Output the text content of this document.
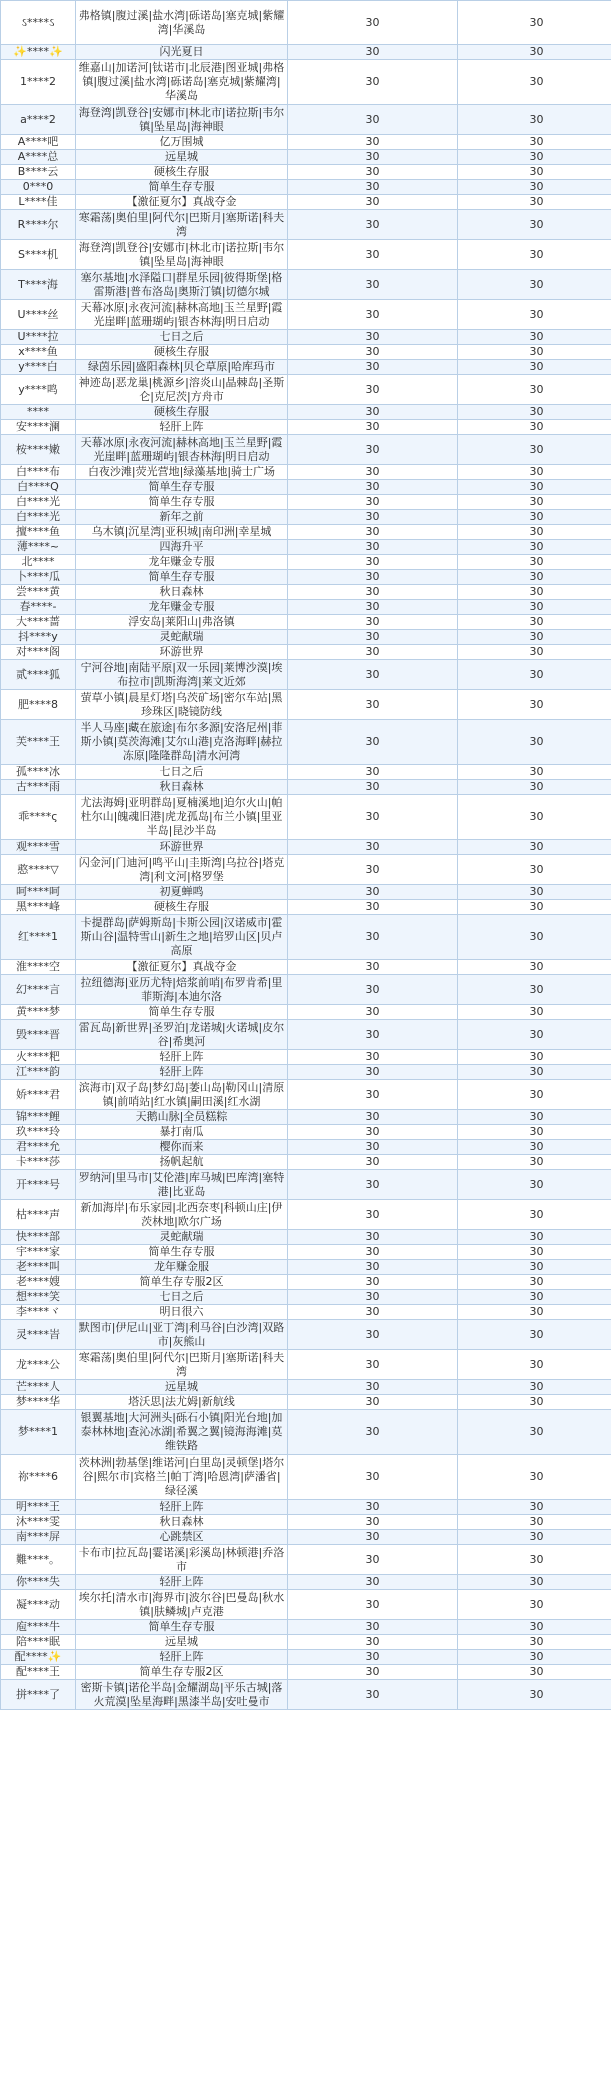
ઽ****ઽ	弗格镇|腹过溪|盐水湾|砾诺岛|塞克城|紫耀湾|华溪岛	30	30
✨****✨	闪光夏日	30	30
1****2	维嘉山|加诺河|钛诺市|北辰港|图亚城|弗格镇|腹过溪|盐水湾|砾诺岛|塞克城|紫耀湾|华溪岛	30	30
a****2	海登湾|凯登谷|安娜市|林北市|诺拉斯|韦尔镇|坠星岛|海神眼	30	30
A****吧	亿万围城	30	30
A****总	远星城	30	30
B****云	硬核生存服	30	30
0***0	简单生存专服	30	30
L****佳	【激征夏尔】真战夺金	30	30
R****尔	寒霜荡|奥伯里|阿代尔|巴斯月|塞斯诺|科夫湾	30	30
S****机	海登湾|凯登谷|安娜市|林北市|诺拉斯|韦尔镇|坠星岛|海神眼	30	30
T****海	塞尔基地|水泽隘口|群星乐园|彼得斯堡|格雷斯港|普布洛岛|奥斯汀镇|切德尔城	30	30
U****丝	天幕冰原|永夜河流|赫林高地|玉兰星野|霞光崖畔|蓝珊瑚屿|银杏林海|明日启动	30	30
U****拉	七日之后	30	30
x****鱼	硬核生存服	30	30
y****白	绿茵乐园|盛阳森林|贝仑草原|哈库玛市	30	30
y****鸣	神迹岛|恶龙巢|桃源乡|溶炎山|晶棘岛|圣斯仑|克尼茨|方舟市	30	30
****	硬核生存服	30	30
安****澜	轻肝上阵	30	30
桉****嫩	天幕冰原|永夜河流|赫林高地|玉兰星野|霞光崖畔|蓝珊瑚屿|银杏林海|明日启动	30	30
白****布	白夜沙滩|荧光营地|绿藻基地|骑士广场	30	30
白****Q	简单生存专服	30	30
白****光	简单生存专服	30	30
白****光	新年之前	30	30
擅****鱼	乌木镇|沉星湾|亚积城|南印洲|幸星城	30	30
薄****~	四海升平	30	30
北****	龙年赚金专服	30	30
卜****瓜	简单生存专服	30	30
尝****黄	秋日森林	30	30
春****-	龙年赚金专服	30	30
大****蔷	浮安岛|莱阳山|弗洛镇	30	30
抖****y	灵蛇献瑞	30	30
对****阁	环游世界	30	30
贰****狐	宁河谷地|南陆平原|双一乐园|莱博沙漠|埃布拉市|凯斯海湾|莱文近郊	30	30
肥****8	萤草小镇|晨星灯塔|乌茨矿场|密尔车站|黑珍珠区|晓镜防线	30	30
芙****王	半人马座|藏在旅途|布尔多源|安洛尼州|菲斯小镇|莫茨海滩|艾尔山港|克洛海畔|赫拉冻原|隆隆群岛|清水河湾	30	30
孤****冰	七日之后	30	30
古****雨	秋日森林	30	30
乖****ς	尤法海姆|亚明群岛|夏楠溪地|迫尔火山|帕杜尔山|魄魂旧港|虎龙孤岛|布兰小镇|里亚半岛|昆沙半岛	30	30
观****雪	环游世界	30	30
憨****▽	闪金河|门迪河|鸣平山|圭斯湾|乌拉谷|塔克湾|利文河|格罗堡	30	30
呵****呵	初夏蝉鸣	30	30
黑****峰	硬核生存服	30	30
红****1	卡提群岛|萨姆斯岛|卡斯公园|汉诺威市|霍斯山谷|温特雪山|新生之地|培罗山区|贝卢高原	30	30
淮****空	【激征夏尔】真战夺金	30	30
幻****言	拉纽德海|亚历尤特|焙浆前哨|布罗肯希|里菲斯海|本迪尔洛	30	30
黄****梦	简单生存专服	30	30
毁****晋	雷瓦岛|新世界|圣罗泊|龙诺城|火诺城|皮尔谷|希奥河	30	30
火****粑	轻肝上阵	30	30
江****韵	轻肝上阵	30	30
娇****君	滨海市|双子岛|梦幻岛|萎山岛|勒冈山|清原镇|前哨站|红水镇|嗣田溪|红水湖	30	30
锦****鲤	天鹅山脉|全员糕粽	30	30
玖****玲	暴打南瓜	30	30
君****允	樱你而来	30	30
卡****莎	扬帆起航	30	30
开****号	罗纳河|里马市|艾伦港|库马城|巴库湾|塞特港|比亚岛	30	30
枯****声	新加海岸|布乐家园|北西奈枣|科顿山庄|伊茨林地|欧尔广场	30	30
快****部	灵蛇献瑞	30	30
宇****家	简单生存专服	30	30
老****叫	龙年赚金服	30	30
老****嫂	简单生存专服2区	30	30
想****笑	七日之后	30	30
李****ヾ	明日很六	30	30
灵****峕	默图市|伊尼山|亚丁湾|利马谷|白沙湾|双路市|灰熊山	30	30
龙****公	寒霜荡|奥伯里|阿代尔|巴斯月|塞斯诺|科夫湾	30	30
芒****人	远星城	30	30
梦****华	塔沃思|法尤姆|新航线	30	30
梦****1	银翼基地|大河洲头|砾石小镇|阳光台地|加泰林林地|查沁冰湖|希翼之翼|镜海海滩|莫维铁路	30	30
祢****6	茨林洲|勃基堡|维诺河|白里岛|灵顿堡|塔尔谷|熙尔市|宾格兰|帕丁湾|哈恩湾|萨潘省|绿径溪	30	30
明****王	轻肝上阵	30	30
沐****雯	秋日森林	30	30
南****屏	心跳禁区	30	30
難****。	卡布市|拉瓦岛|霎诺溪|彩溪岛|林顿港|乔洛市	30	30
你****失	轻肝上阵	30	30
凝****动	埃尔托|清水市|海界市|波尔谷|巴曼岛|秋水镇|肤鳞城|卢克港	30	30
庖****牛	简单生存专服	30	30
陪****眠	远星城	30	30
配****✨	轻肝上阵	30	30
配****王	简单生存专服2区	30	30
拼****了	密斯卡镇|诺伦半岛|金耀湖岛|平乐古城|落火荒漠|坠星海畔|黑漆半岛|安吐曼市	30	30
